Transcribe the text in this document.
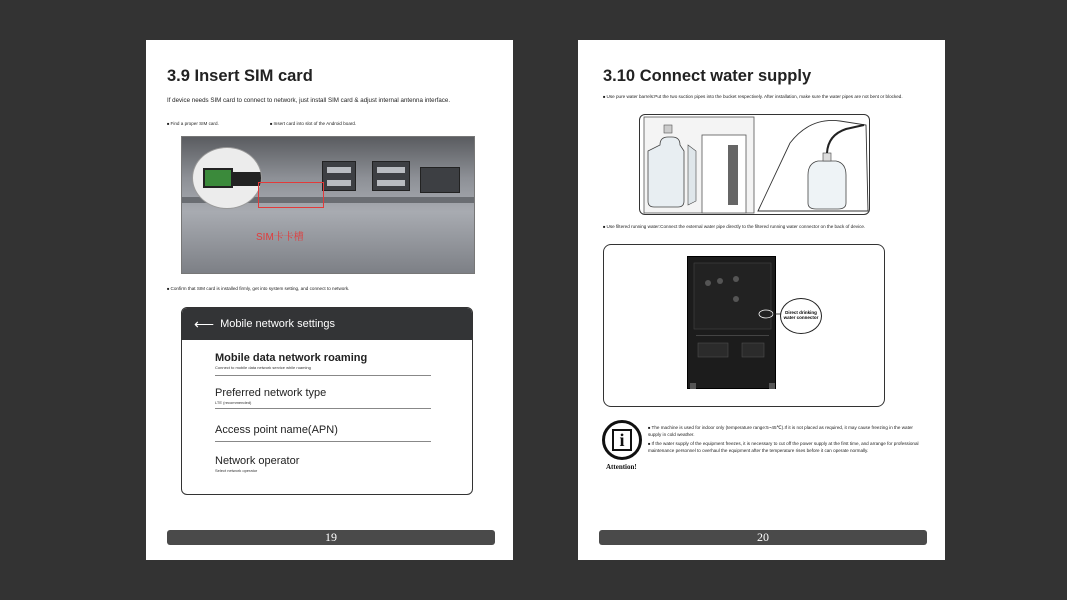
3.9 Insert SIM card
If device needs SIM card to connect to network, just install SIM card & adjust internal antenna interface.
■ Find a proper SIM card.
■	Insert card into slot of the Android board.
SIM卡卡槽
■ Confirm that SIM card is installed firmly, get into system setting, and connect to network.
⟵ Mobile network settings
Mobile data network roaming
Connect to mobile data network service while roaming
Preferred network type
LTE (recommended)
Access point name(APN)
Network operator
Select network operator
19
3.10 Connect water supply
■ Use pure water barrels:Put the two suction pipes into the bucket respectively. After installation, make sure the water pipes are not bent or blocked.
■ Use filtered running water:Connect the external water pipe directly to the filtered running water connector on the back of device.
Direct drinking water connector
i
Attention!
■ The machine is used for indoor only (temperature range:5~45℃).If it is not placed as required, it may cause freezing in the water supply in cold weather.
■ If the water supply of the equipment freezes, it is necessary to cut off the power supply at the first time, and arrange for professional maintenance personnel to overhaul the equipment after the temperature rises before it can operate normally.
20
